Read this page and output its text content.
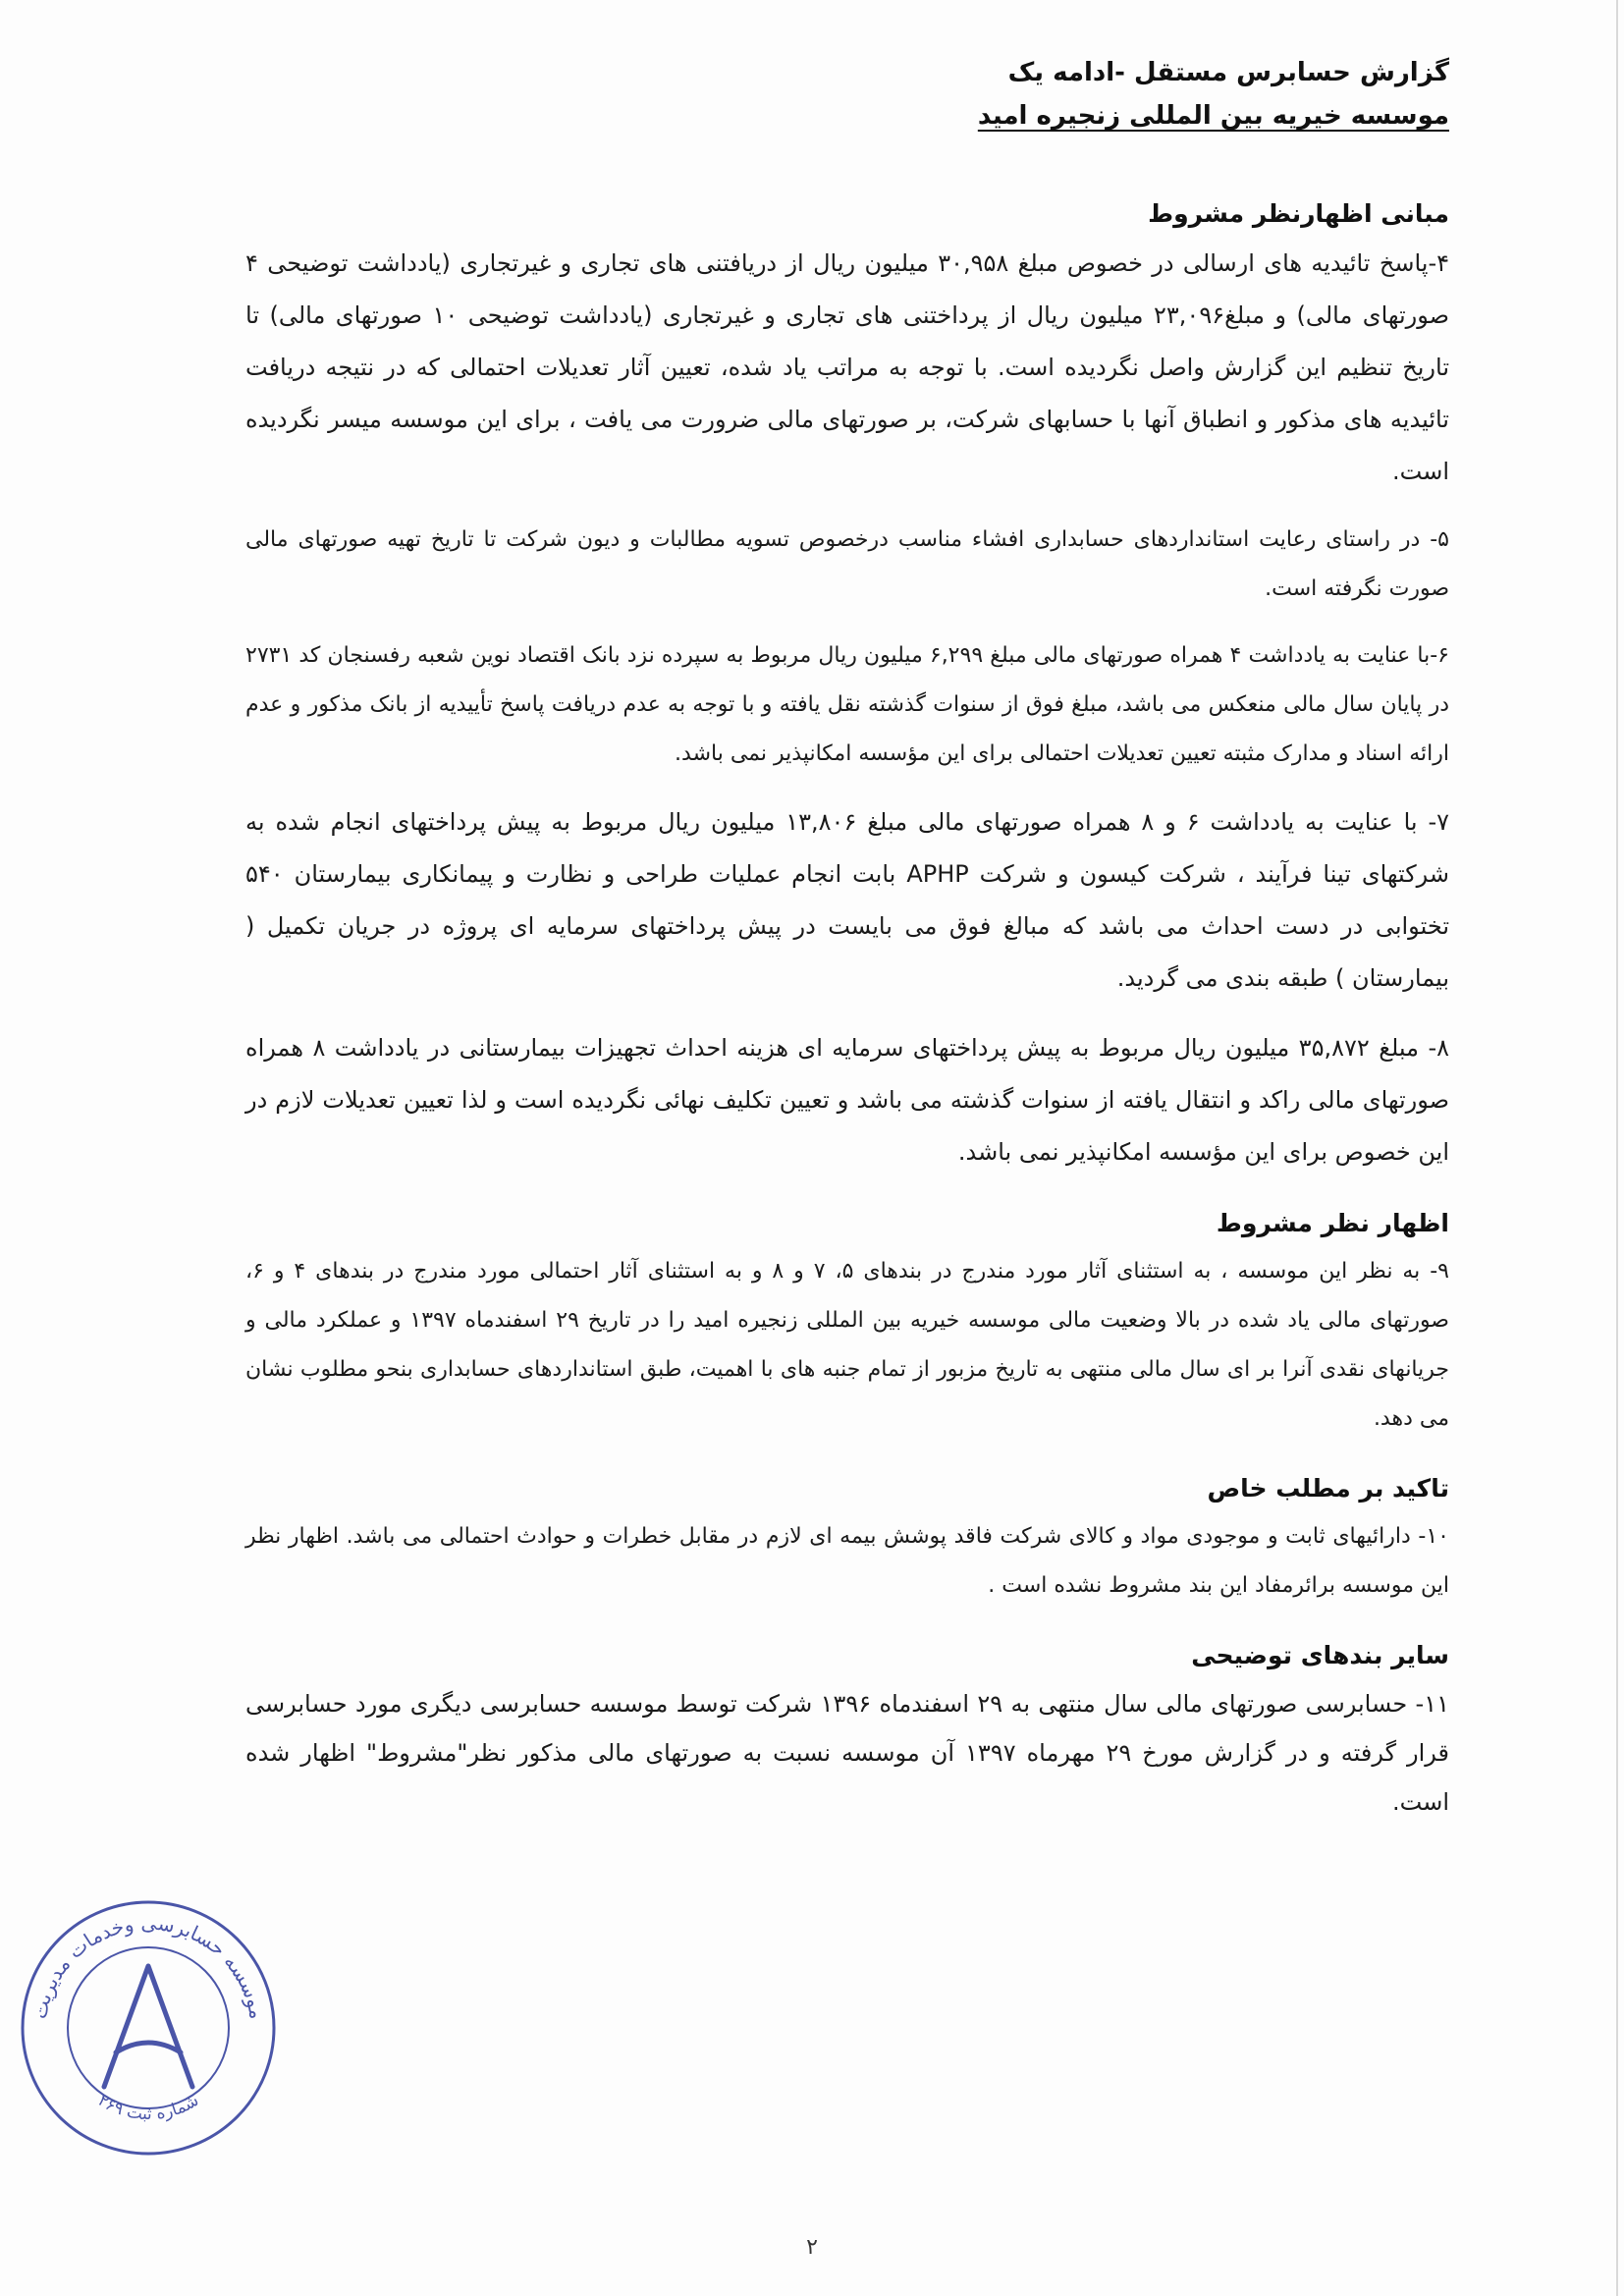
گزارش حسابرس مستقل -ادامه یک
موسسه خیریه بین المللی زنجیره امید
مبانی اظهارنظر مشروط

۴-پاسخ تائیدیه های ارسالی در خصوص مبلغ ۳۰,۹۵۸ میلیون ریال از دریافتنی های تجاری و غیرتجاری (یادداشت توضیحی ۴ صورتهای مالی) و مبلغ۲۳,۰۹۶ میلیون ریال از پرداختنی های تجاری و غیرتجاری (یادداشت توضیحی ۱۰ صورتهای مالی) تا تاریخ تنظیم این گزارش واصل نگردیده است. با توجه به مراتب یاد شده، تعیین آثار تعدیلات احتمالی که در نتیجه دریافت تائیدیه های مذکور و انطباق آنها با حسابهای شرکت، بر صورتهای مالی ضرورت می یافت ، برای این موسسه میسر نگردیده است.

۵- در راستای رعایت استانداردهای حسابداری افشاء مناسب درخصوص تسویه مطالبات و دیون شرکت تا تاریخ تهیه صورتهای مالی صورت نگرفته است.

۶-با عنایت به یادداشت ۴ همراه صورتهای مالی مبلغ ۶,۲۹۹ میلیون ریال مربوط به سپرده نزد بانک اقتصاد نوین شعبه رفسنجان کد ۲۷۳۱ در پایان سال مالی منعکس می باشد، مبلغ فوق از سنوات گذشته نقل یافته و با توجه به عدم دریافت پاسخ تأییدیه از بانک مذکور و عدم ارائه اسناد و مدارک مثبته تعیین تعدیلات احتمالی برای این مؤسسه امکانپذیر نمی باشد.

۷- با عنایت به یادداشت ۶ و ۸ همراه صورتهای مالی مبلغ ۱۳,۸۰۶ میلیون ریال مربوط به پیش پرداختهای انجام شده به شرکتهای تینا فرآیند ، شرکت کیسون و شرکت APHP بابت انجام عملیات طراحی و نظارت و پیمانکاری بیمارستان ۵۴۰ تختوابی در دست احداث می باشد که مبالغ فوق می بایست در پیش پرداختهای سرمایه ای پروژه در جریان تکمیل ( بیمارستان ) طبقه بندی می گردید.

۸- مبلغ ۳۵,۸۷۲ میلیون ریال مربوط به پیش پرداختهای سرمایه ای هزینه احداث تجهیزات بیمارستانی در یادداشت ۸ همراه صورتهای مالی راکد و انتقال یافته از سنوات گذشته می باشد و تعیین تکلیف نهائی نگردیده است و لذا تعیین تعدیلات لازم در این خصوص برای این مؤسسه امکانپذیر نمی باشد.

اظهار نظر مشروط

۹- به نظر این موسسه ، به استثنای آثار مورد مندرج در بندهای ۵، ۷ و ۸ و به استثنای آثار احتمالی مورد مندرج در بندهای ۴ و ۶، صورتهای مالی یاد شده در بالا وضعیت مالی موسسه خیریه بین المللی زنجیره امید را در تاریخ ۲۹ اسفندماه ۱۳۹۷ و عملکرد مالی و جریانهای نقدی آنرا بر ای سال مالی منتهی به تاریخ مزبور از تمام جنبه های با اهمیت، طبق استانداردهای حسابداری بنحو مطلوب نشان می دهد.

تاکید بر مطلب خاص

۱۰- دارائیهای ثابت و موجودی مواد و کالای شرکت فاقد پوشش بیمه ای لازم در مقابل خطرات و حوادث احتمالی می باشد. اظهار نظر این موسسه برائرمفاد این بند مشروط نشده است .

سایر بندهای توضیحی

۱۱- حسابرسی صورتهای مالی سال منتهی به ۲۹ اسفندماه ۱۳۹۶ شرکت توسط موسسه حسابرسی دیگری مورد حسابرسی قرار گرفته و در گزارش مورخ ۲۹ مهرماه ۱۳۹۷ آن موسسه نسبت به صورتهای مالی مذکور نظر"مشروط" اظهار شده است.

موسسه حسابرسی وخدمات مدیریت
شماره ثبت ۲۶۹
۲
